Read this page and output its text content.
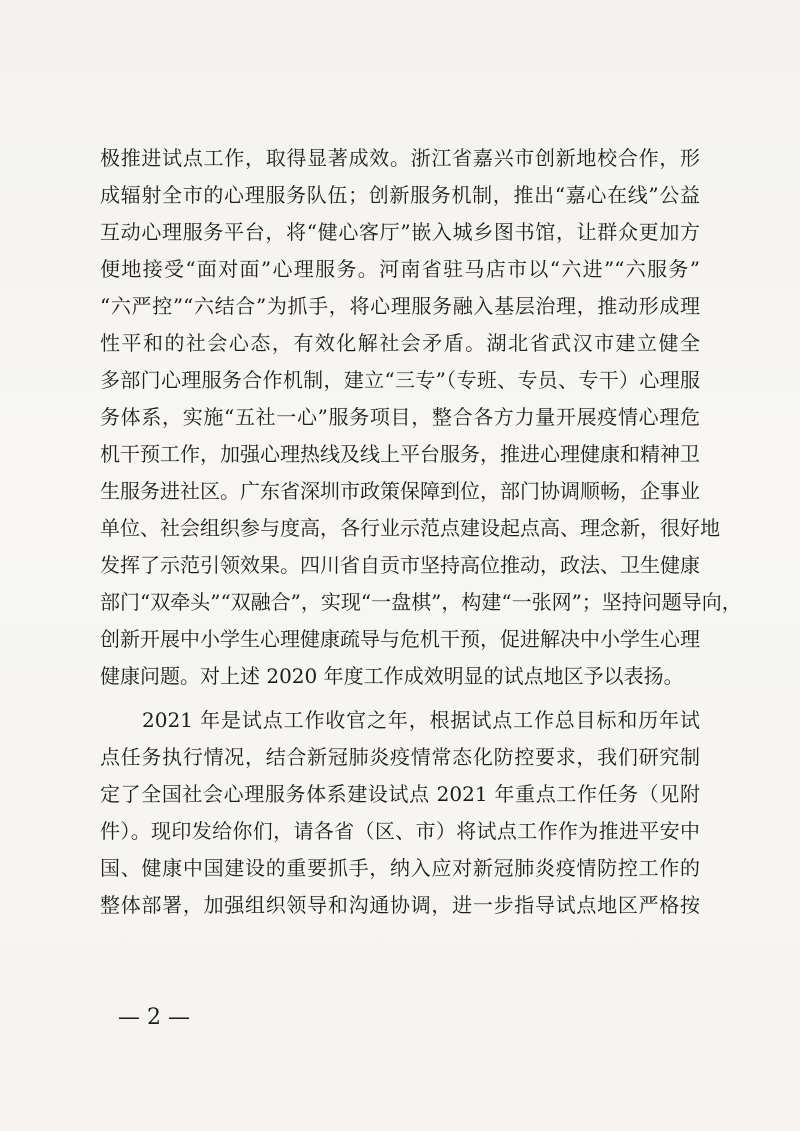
极推进试点工作，取得显著成效。浙江省嘉兴市创新地校合作，形
成辐射全市的心理服务队伍；创新服务机制，推出“嘉心在线”公益
互动心理服务平台，将“健心客厅”嵌入城乡图书馆，让群众更加方
便地接受“面对面”心理服务。河南省驻马店市以“六进”“六服务”
“六严控”“六结合”为抓手，将心理服务融入基层治理，推动形成理
性平和的社会心态，有效化解社会矛盾。湖北省武汉市建立健全
多部门心理服务合作机制，建立“三专”（专班、专员、专干）心理服
务体系，实施“五社一心”服务项目，整合各方力量开展疫情心理危
机干预工作，加强心理热线及线上平台服务，推进心理健康和精神卫
生服务进社区。广东省深圳市政策保障到位，部门协调顺畅，企事业
单位、社会组织参与度高，各行业示范点建设起点高、理念新，很好地
发挥了示范引领效果。四川省自贡市坚持高位推动，政法、卫生健康
部门“双牵头”“双融合”，实现“一盘棋”，构建“一张网”；坚持问题导向，
创新开展中小学生心理健康疏导与危机干预，促进解决中小学生心理
健康问题。对上述 2020 年度工作成效明显的试点地区予以表扬。
2021 年是试点工作收官之年，根据试点工作总目标和历年试
点任务执行情况，结合新冠肺炎疫情常态化防控要求，我们研究制
定了全国社会心理服务体系建设试点 2021 年重点工作任务（见附
件）。现印发给你们，请各省（区、市）将试点工作作为推进平安中
国、健康中国建设的重要抓手，纳入应对新冠肺炎疫情防控工作的
整体部署，加强组织领导和沟通协调，进一步指导试点地区严格按
— 2 —
